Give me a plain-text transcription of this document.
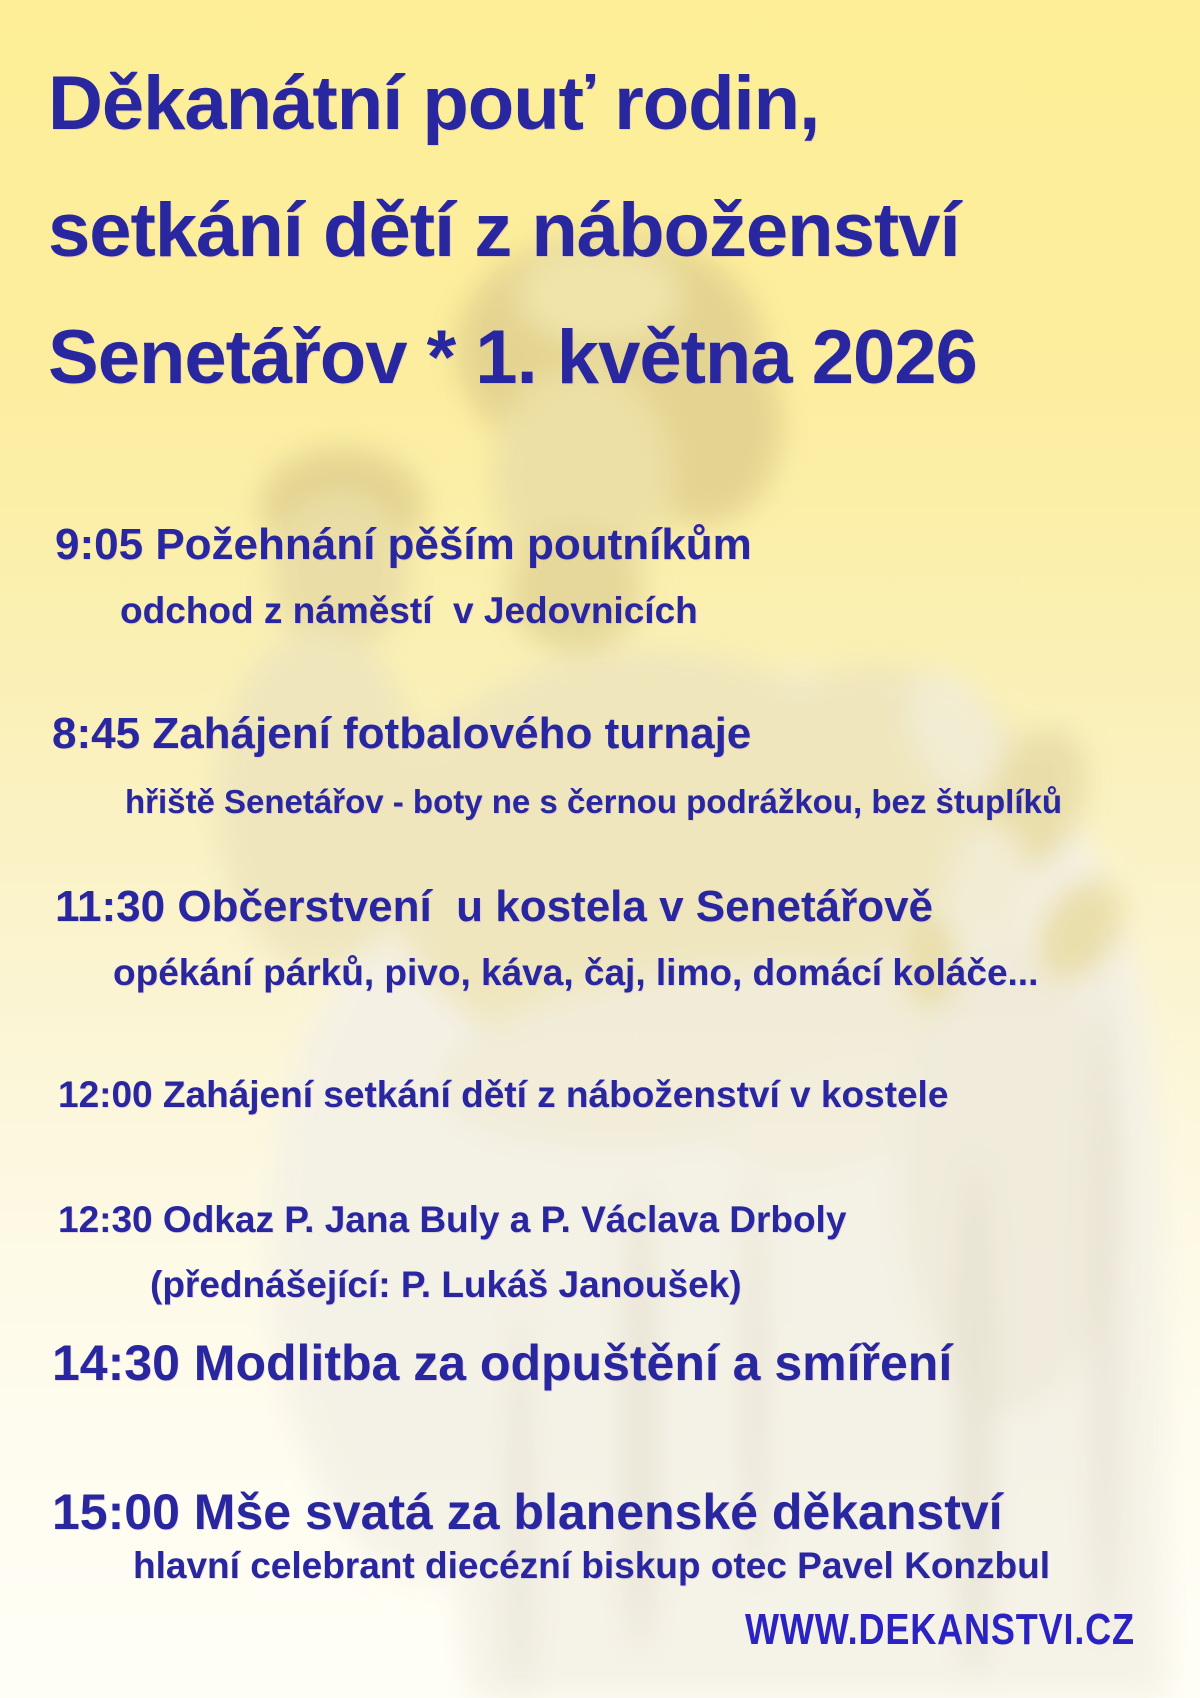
Děkanátní pouť rodin,
setkání dětí z náboženství
Senetářov * 1. května 2026
9:05 Požehnání pěším poutníkům
odchod z náměstí  v Jedovnicích
8:45 Zahájení fotbalového turnaje
hřiště Senetářov - boty ne s černou podrážkou, bez štuplíků
11:30 Občerstvení  u kostela v Senetářově
opékání párků, pivo, káva, čaj, limo, domácí koláče...
12:00 Zahájení setkání dětí z náboženství v kostele
12:30 Odkaz P. Jana Buly a P. Václava Drboly
(přednášející: P. Lukáš Janoušek)
14:30 Modlitba za odpuštění a smíření
15:00 Mše svatá za blanenské děkanství
hlavní celebrant diecézní biskup otec Pavel Konzbul
WWW.DEKANSTVI.CZ
